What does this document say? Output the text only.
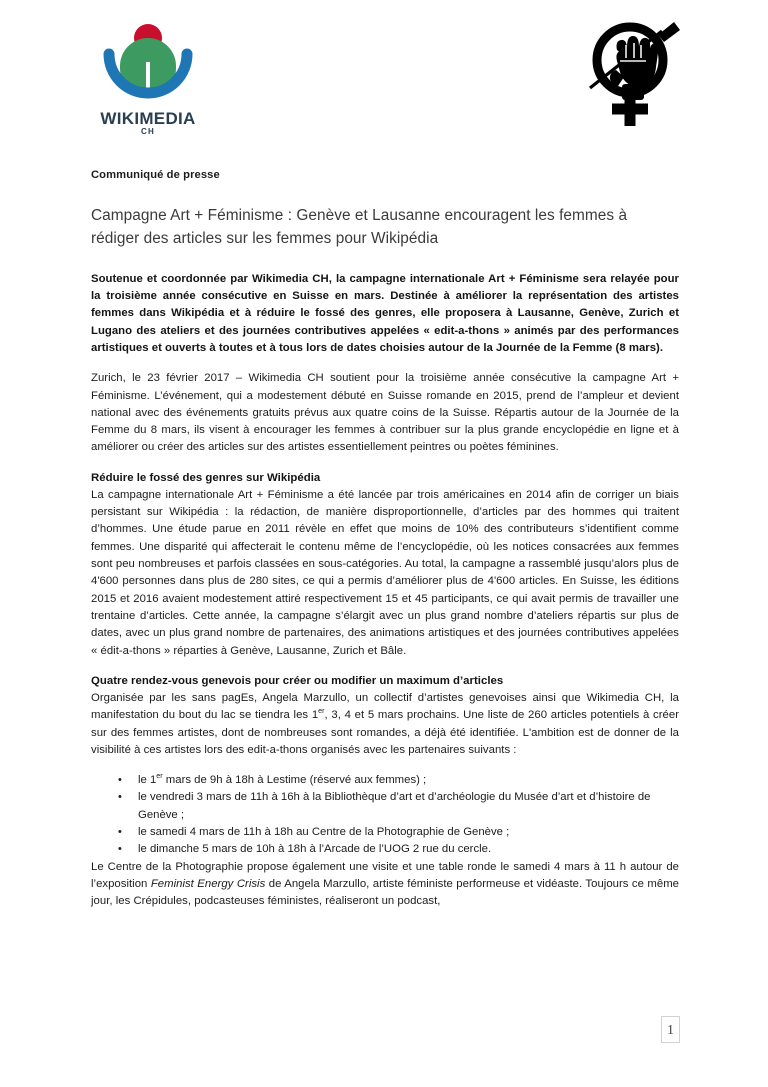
WIKIMEDIA
CH

Communiqué de presse

Campagne Art + Féminisme : Genève et Lausanne encouragent les femmes à rédiger des articles sur les femmes pour Wikipédia

Soutenue et coordonnée par Wikimedia CH, la campagne internationale Art + Féminisme sera relayée pour la troisième année consécutive en Suisse en mars. Destinée à améliorer la représentation des artistes femmes dans Wikipédia et à réduire le fossé des genres, elle proposera à Lausanne, Genève, Zurich et Lugano des ateliers et des journées contributives appelées « edit-a-thons » animés par des performances artistiques et ouverts à toutes et à tous lors de dates choisies autour de la Journée de la Femme (8 mars).

Zurich, le 23 février 2017 – Wikimedia CH soutient pour la troisième année consécutive la campagne Art + Féminisme. L’événement, qui a modestement débuté en Suisse romande en 2015, prend de l’ampleur et devient national avec des événements gratuits prévus aux quatre coins de la Suisse. Répartis autour de la Journée de la Femme du 8 mars, ils visent à encourager les femmes à contribuer sur la plus grande encyclopédie en ligne et à améliorer ou créer des articles sur des artistes essentiellement peintres ou poètes féminines.

Réduire le fossé des genres sur Wikipédia

La campagne internationale Art + Féminisme a été lancée par trois américaines en 2014 afin de corriger un biais persistant sur Wikipédia : la rédaction, de manière disproportionnelle, d’articles par des hommes qui traitent d’hommes. Une étude parue en 2011 révèle en effet que moins de 10% des contributeurs s’identifient comme femmes. Une disparité qui affecterait le contenu même de l’encyclopédie, où les notices consacrées aux femmes sont peu nombreuses et parfois classées en sous-catégories. Au total, la campagne a rassemblé jusqu’alors plus de 4'600 personnes dans plus de 280 sites, ce qui a permis d’améliorer plus de 4'600 articles. En Suisse, les éditions 2015 et 2016 avaient modestement attiré respectivement 15 et 45 participants, ce qui avait permis de travailler une trentaine d’articles. Cette année, la campagne s’élargit avec un plus grand nombre d’ateliers répartis sur plus de dates, avec un plus grand nombre de partenaires, des animations artistiques et des journées contributives appelées « édit-a-thons » réparties à Genève, Lausanne, Zurich et Bâle.

Quatre rendez-vous genevois pour créer ou modifier un maximum d’articles

Organisée par les sans pagEs, Angela Marzullo, un collectif d’artistes genevoises ainsi que Wikimedia CH, la manifestation du bout du lac se tiendra les 1er, 3, 4 et 5 mars prochains. Une liste de 260 articles potentiels à créer sur des femmes artistes, dont de nombreuses sont romandes, a déjà été identifiée. L'ambition est de donner de la visibilité à ces artistes lors des edit-a-thons organisés avec les partenaires suivants :

• le 1er mars de 9h à 18h à Lestime (réservé aux femmes) ;
• le vendredi 3 mars de 11h à 16h à la Bibliothèque d’art et d’archéologie du Musée d’art et d’histoire de Genève ;
• le samedi 4 mars de 11h à 18h au Centre de la Photographie de Genève ;
• le dimanche 5 mars de 10h à 18h à l’Arcade de l’UOG 2 rue du cercle.

Le Centre de la Photographie propose également une visite et une table ronde le samedi 4 mars à 11 h autour de l’exposition Feminist Energy Crisis de Angela Marzullo, artiste féministe performeuse et vidéaste. Toujours ce même jour, les Crépidules, podcasteuses féministes, réaliseront un podcast,

1
